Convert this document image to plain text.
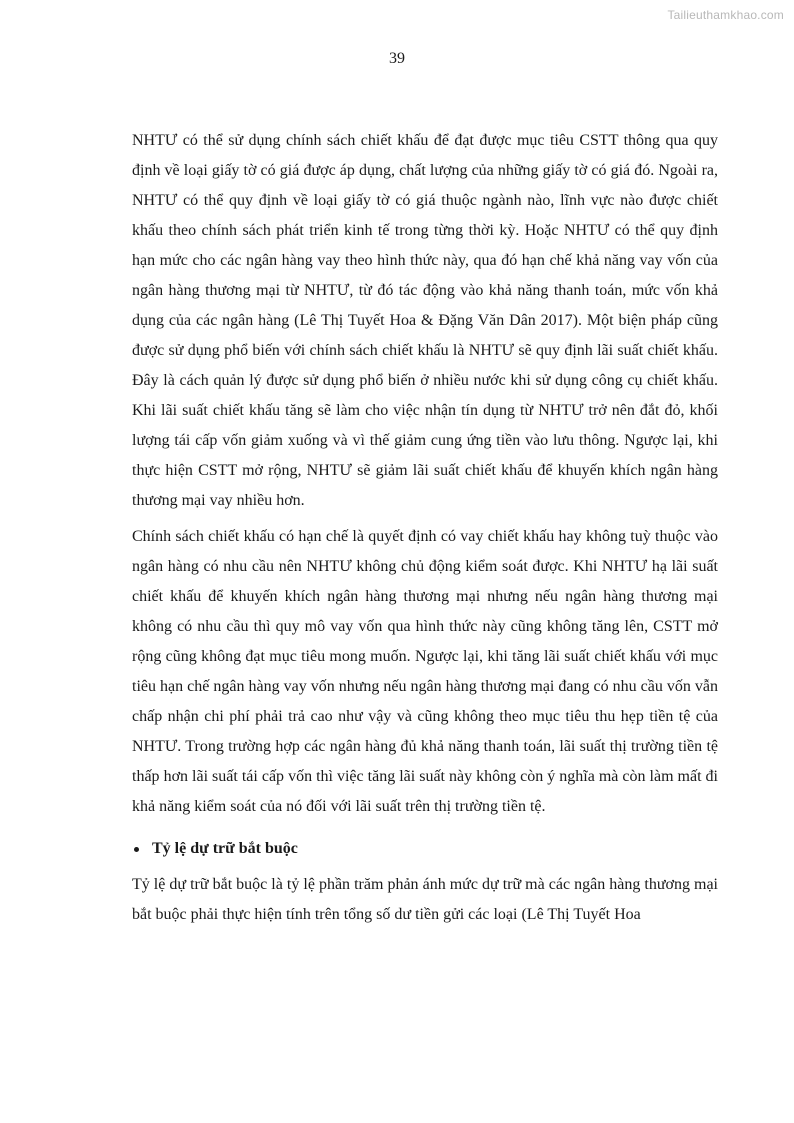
Tailieuthamkhao.com
39

NHTƯ có thể sử dụng chính sách chiết khấu để đạt được mục tiêu CSTT thông qua quy định về loại giấy tờ có giá được áp dụng, chất lượng của những giấy tờ có giá đó. Ngoài ra, NHTƯ có thể quy định về loại giấy tờ có giá thuộc ngành nào, lĩnh vực nào được chiết khấu theo chính sách phát triển kinh tế trong từng thời kỳ. Hoặc NHTƯ có thể quy định hạn mức cho các ngân hàng vay theo hình thức này, qua đó hạn chế khả năng vay vốn của ngân hàng thương mại từ NHTƯ, từ đó tác động vào khả năng thanh toán, mức vốn khả dụng của các ngân hàng (Lê Thị Tuyết Hoa & Đặng Văn Dân 2017). Một biện pháp cũng được sử dụng phổ biến với chính sách chiết khấu là NHTƯ sẽ quy định lãi suất chiết khấu. Đây là cách quản lý được sử dụng phổ biến ở nhiều nước khi sử dụng công cụ chiết khấu. Khi lãi suất chiết khấu tăng sẽ làm cho việc nhận tín dụng từ NHTƯ trở nên đắt đỏ, khối lượng tái cấp vốn giảm xuống và vì thế giảm cung ứng tiền vào lưu thông. Ngược lại, khi thực hiện CSTT mở rộng, NHTƯ sẽ giảm lãi suất chiết khấu để khuyến khích ngân hàng thương mại vay nhiều hơn.

Chính sách chiết khấu có hạn chế là quyết định có vay chiết khấu hay không tuỳ thuộc vào ngân hàng có nhu cầu nên NHTƯ không chủ động kiểm soát được. Khi NHTƯ hạ lãi suất chiết khấu để khuyến khích ngân hàng thương mại nhưng nếu ngân hàng thương mại không có nhu cầu thì quy mô vay vốn qua hình thức này cũng không tăng lên, CSTT mở rộng cũng không đạt mục tiêu mong muốn. Ngược lại, khi tăng lãi suất chiết khấu với mục tiêu hạn chế ngân hàng vay vốn nhưng nếu ngân hàng thương mại đang có nhu cầu vốn vẫn chấp nhận chi phí phải trả cao như vậy và cũng không theo mục tiêu thu hẹp tiền tệ của NHTƯ. Trong trường hợp các ngân hàng đủ khả năng thanh toán, lãi suất thị trường tiền tệ thấp hơn lãi suất tái cấp vốn thì việc tăng lãi suất này không còn ý nghĩa mà còn làm mất đi khả năng kiểm soát của nó đối với lãi suất trên thị trường tiền tệ.

Tỷ lệ dự trữ bắt buộc

Tỷ lệ dự trữ bắt buộc là tỷ lệ phần trăm phản ánh mức dự trữ mà các ngân hàng thương mại bắt buộc phải thực hiện tính trên tổng số dư tiền gửi các loại (Lê Thị Tuyết Hoa
